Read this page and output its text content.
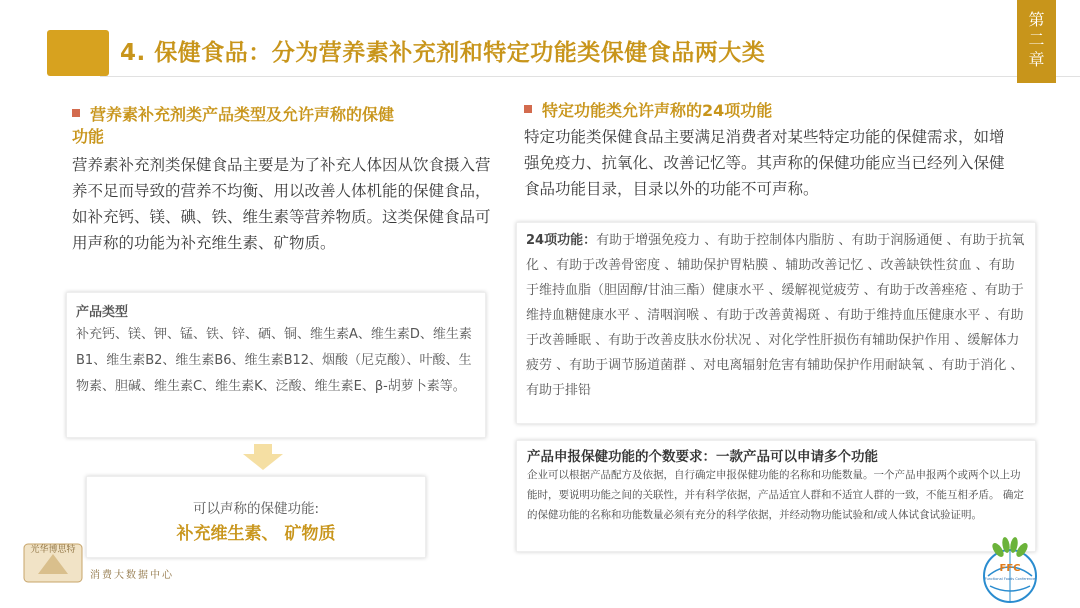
4. 保健食品：分为营养素补充剂和特定功能类保健食品两大类
第
二
章
营养素补充剂类产品类型及允许声称的保健
功能
营养素补充剂类保健食品主要是为了补充人体因从饮食摄入营养不足而导致的营养不均衡、用以改善人体机能的保健食品，如补充钙、镁、碘、铁、维生素等营养物质。这类保健食品可用声称的功能为补充维生素、矿物质。
产品类型
补充钙、镁、钾、锰、铁、锌、硒、铜、维生素A、维生素D、维生素B1、维生素B2、维生素B6、维生素B12、烟酸（尼克酸）、叶酸、生物素、胆碱、维生素C、维生素K、泛酸、维生素E、β-胡萝卜素等。
可以声称的保健功能:
补充维生素、 矿物质
光华博思特
消费大数据中心
特定功能类允许声称的24项功能
特定功能类保健食品主要满足消费者对某些特定功能的保健需求，如增强免疫力、抗氧化、改善记忆等。其声称的保健功能应当已经列入保健食品功能目录，目录以外的功能不可声称。
24项功能：有助于增强免疫力 、有助于控制体内脂肪 、有助于润肠通便 、有助于抗氧化 、有助于改善骨密度 、辅助保护胃粘膜 、辅助改善记忆 、改善缺铁性贫血 、有助于维持血脂（胆固醇/甘油三酯）健康水平 、缓解视觉疲劳 、有助于改善痤疮 、有助于维持血糖健康水平 、清咽润喉 、有助于改善黄褐斑 、有助于维持血压健康水平 、有助于改善睡眠 、有助于改善皮肤水份状况 、对化学性肝损伤有辅助保护作用 、缓解体力疲劳 、有助于调节肠道菌群 、对电离辐射危害有辅助保护作用耐缺氧 、有助于消化 、有助于排铅
产品申报保健功能的个数要求：一款产品可以申请多个功能
企业可以根据产品配方及依据，自行确定申报保健功能的名称和功能数量。一个产品申报两个或两个以上功能时，要说明功能之间的关联性，并有科学依据，产品适宜人群和不适宜人群的一致，不能互相矛盾。 确定的保健功能的名称和功能数量必须有充分的科学依据，并经动物功能试验和/或人体试食试验证明。
FFC
Functional Foods Conference
